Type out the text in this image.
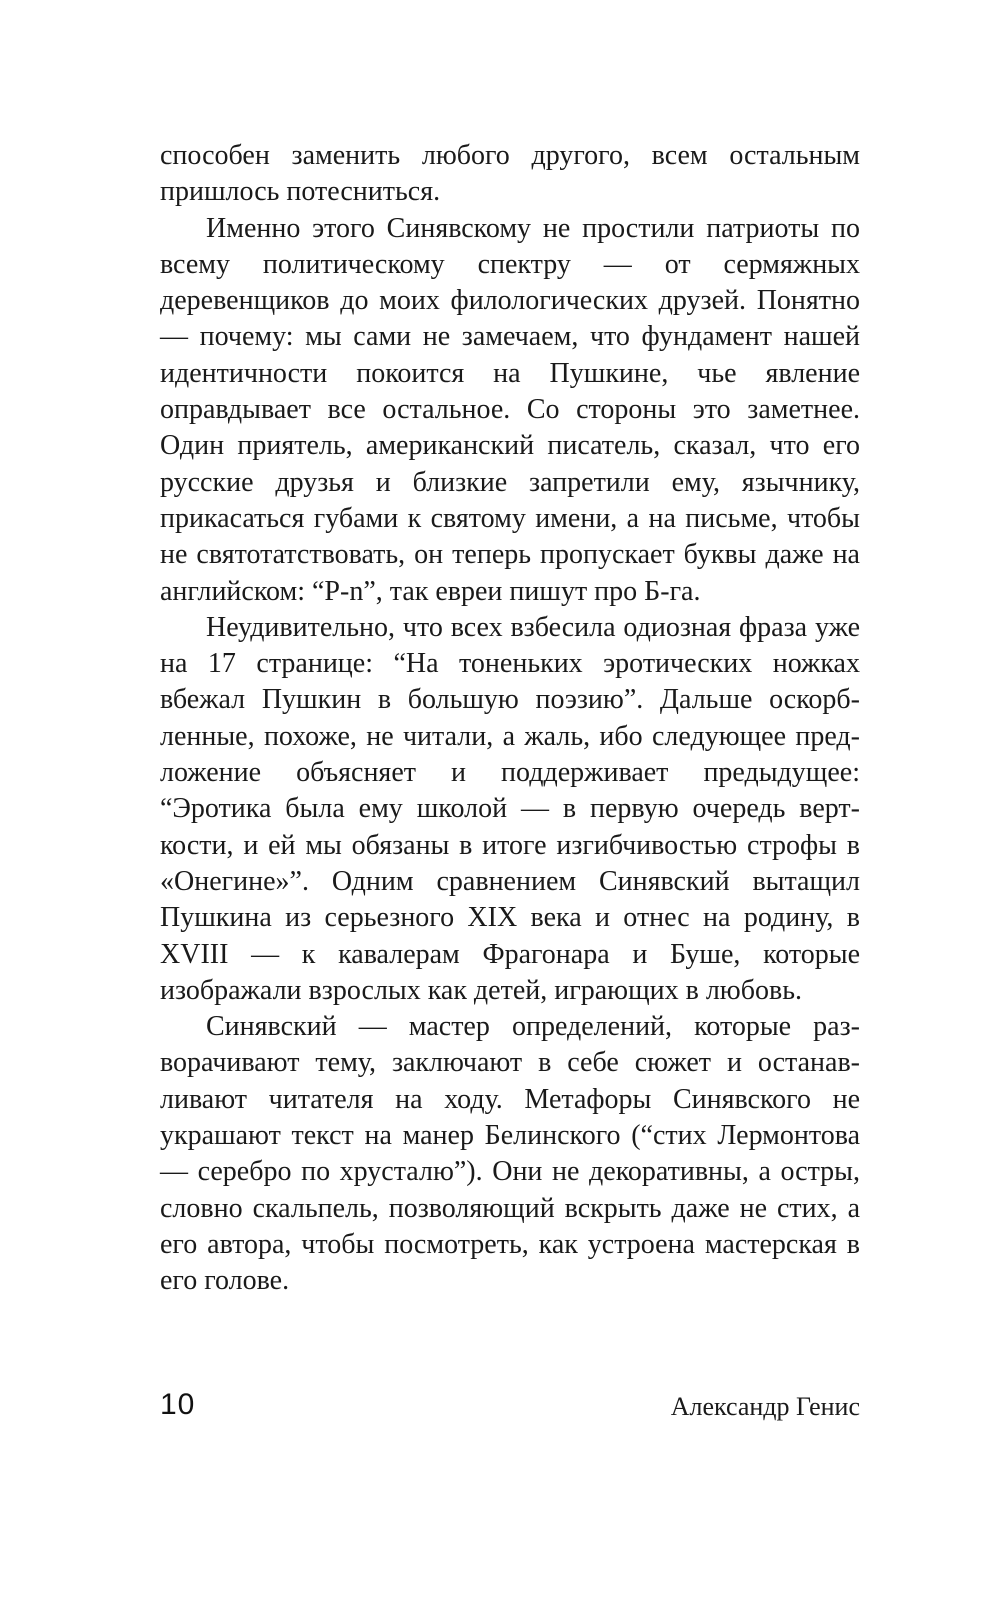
способен заменить любого другого, всем остальным пришлось потесниться.

Именно этого Синявскому не простили патриоты по всему политическому спектру — от сермяжных деревенщиков до моих филологических друзей. Понятно — почему: мы сами не замечаем, что фундамент нашей идентичности покоится на Пушкине, чье явление оправдывает все остальное. Со стороны это заметнее. Один приятель, американский писатель, сказал, что его русские друзья и близкие запретили ему, язычнику, прикасаться губами к святому имени, а на письме, чтобы не святотатствовать, он теперь пропускает буквы даже на английском: “P-n”, так евреи пишут про Б-га.

Неудивительно, что всех взбесила одиозная фраза уже на 17 странице: “На тоненьких эротических ножках вбежал Пушкин в большую поэзию”. Дальше оскорбленные, похоже, не читали, а жаль, ибо следующее предложение объясняет и поддерживает предыдущее: “Эротика была ему школой — в первую очередь верткости, и ей мы обязаны в итоге изгибчивостью строфы в «Онегине»”. Одним сравнением Синявский вытащил Пушкина из серьезного XIX века и отнес на родину, в XVIII — к кавалерам Фрагонара и Буше, которые изображали взрослых как детей, играющих в любовь.

Синявский — мастер определений, которые разворачивают тему, заключают в себе сюжет и останавливают читателя на ходу. Метафоры Синявского не украшают текст на манер Белинского (“стих Лермонтова — серебро по хрусталю”). Они не декоративны, а остры, словно скальпель, позволяющий вскрыть даже не стих, а его автора, чтобы посмотреть, как устроена мастерская в его голове.

10	Александр Генис
